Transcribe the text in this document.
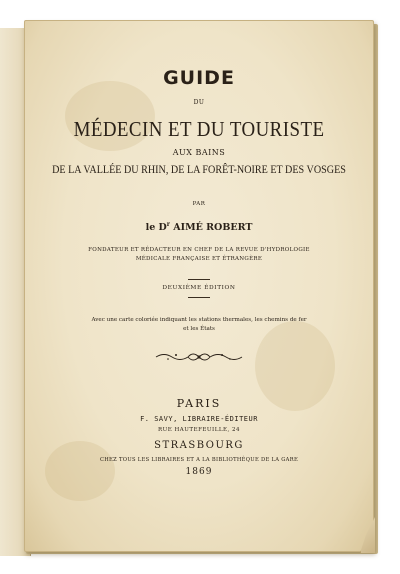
GUIDE
DU
MÉDECIN ET DU TOURISTE
AUX BAINS
DE LA VALLÉE DU RHIN, DE LA FORÊT-NOIRE ET DES VOSGES
PAR
le $D^r$ AIMÉ ROBERT
FONDATEUR ET RÉDACTEUR EN CHEF DE LA REVUE D'HYDROLOGIE
MÉDICALE FRANÇAISE ET ÉTRANGÈRE
DEUXIÈME ÉDITION
Avec une carte coloriée indiquant les stations thermales, les chemins de fer
et les États
PARIS
F. SAVY, LIBRAIRE-ÉDITEUR
RUE HAUTEFEUILLE, 24
STRASBOURG
CHEZ TOUS LES LIBRAIRES ET A LA BIBLIOTHÈQUE DE LA GARE
1869
